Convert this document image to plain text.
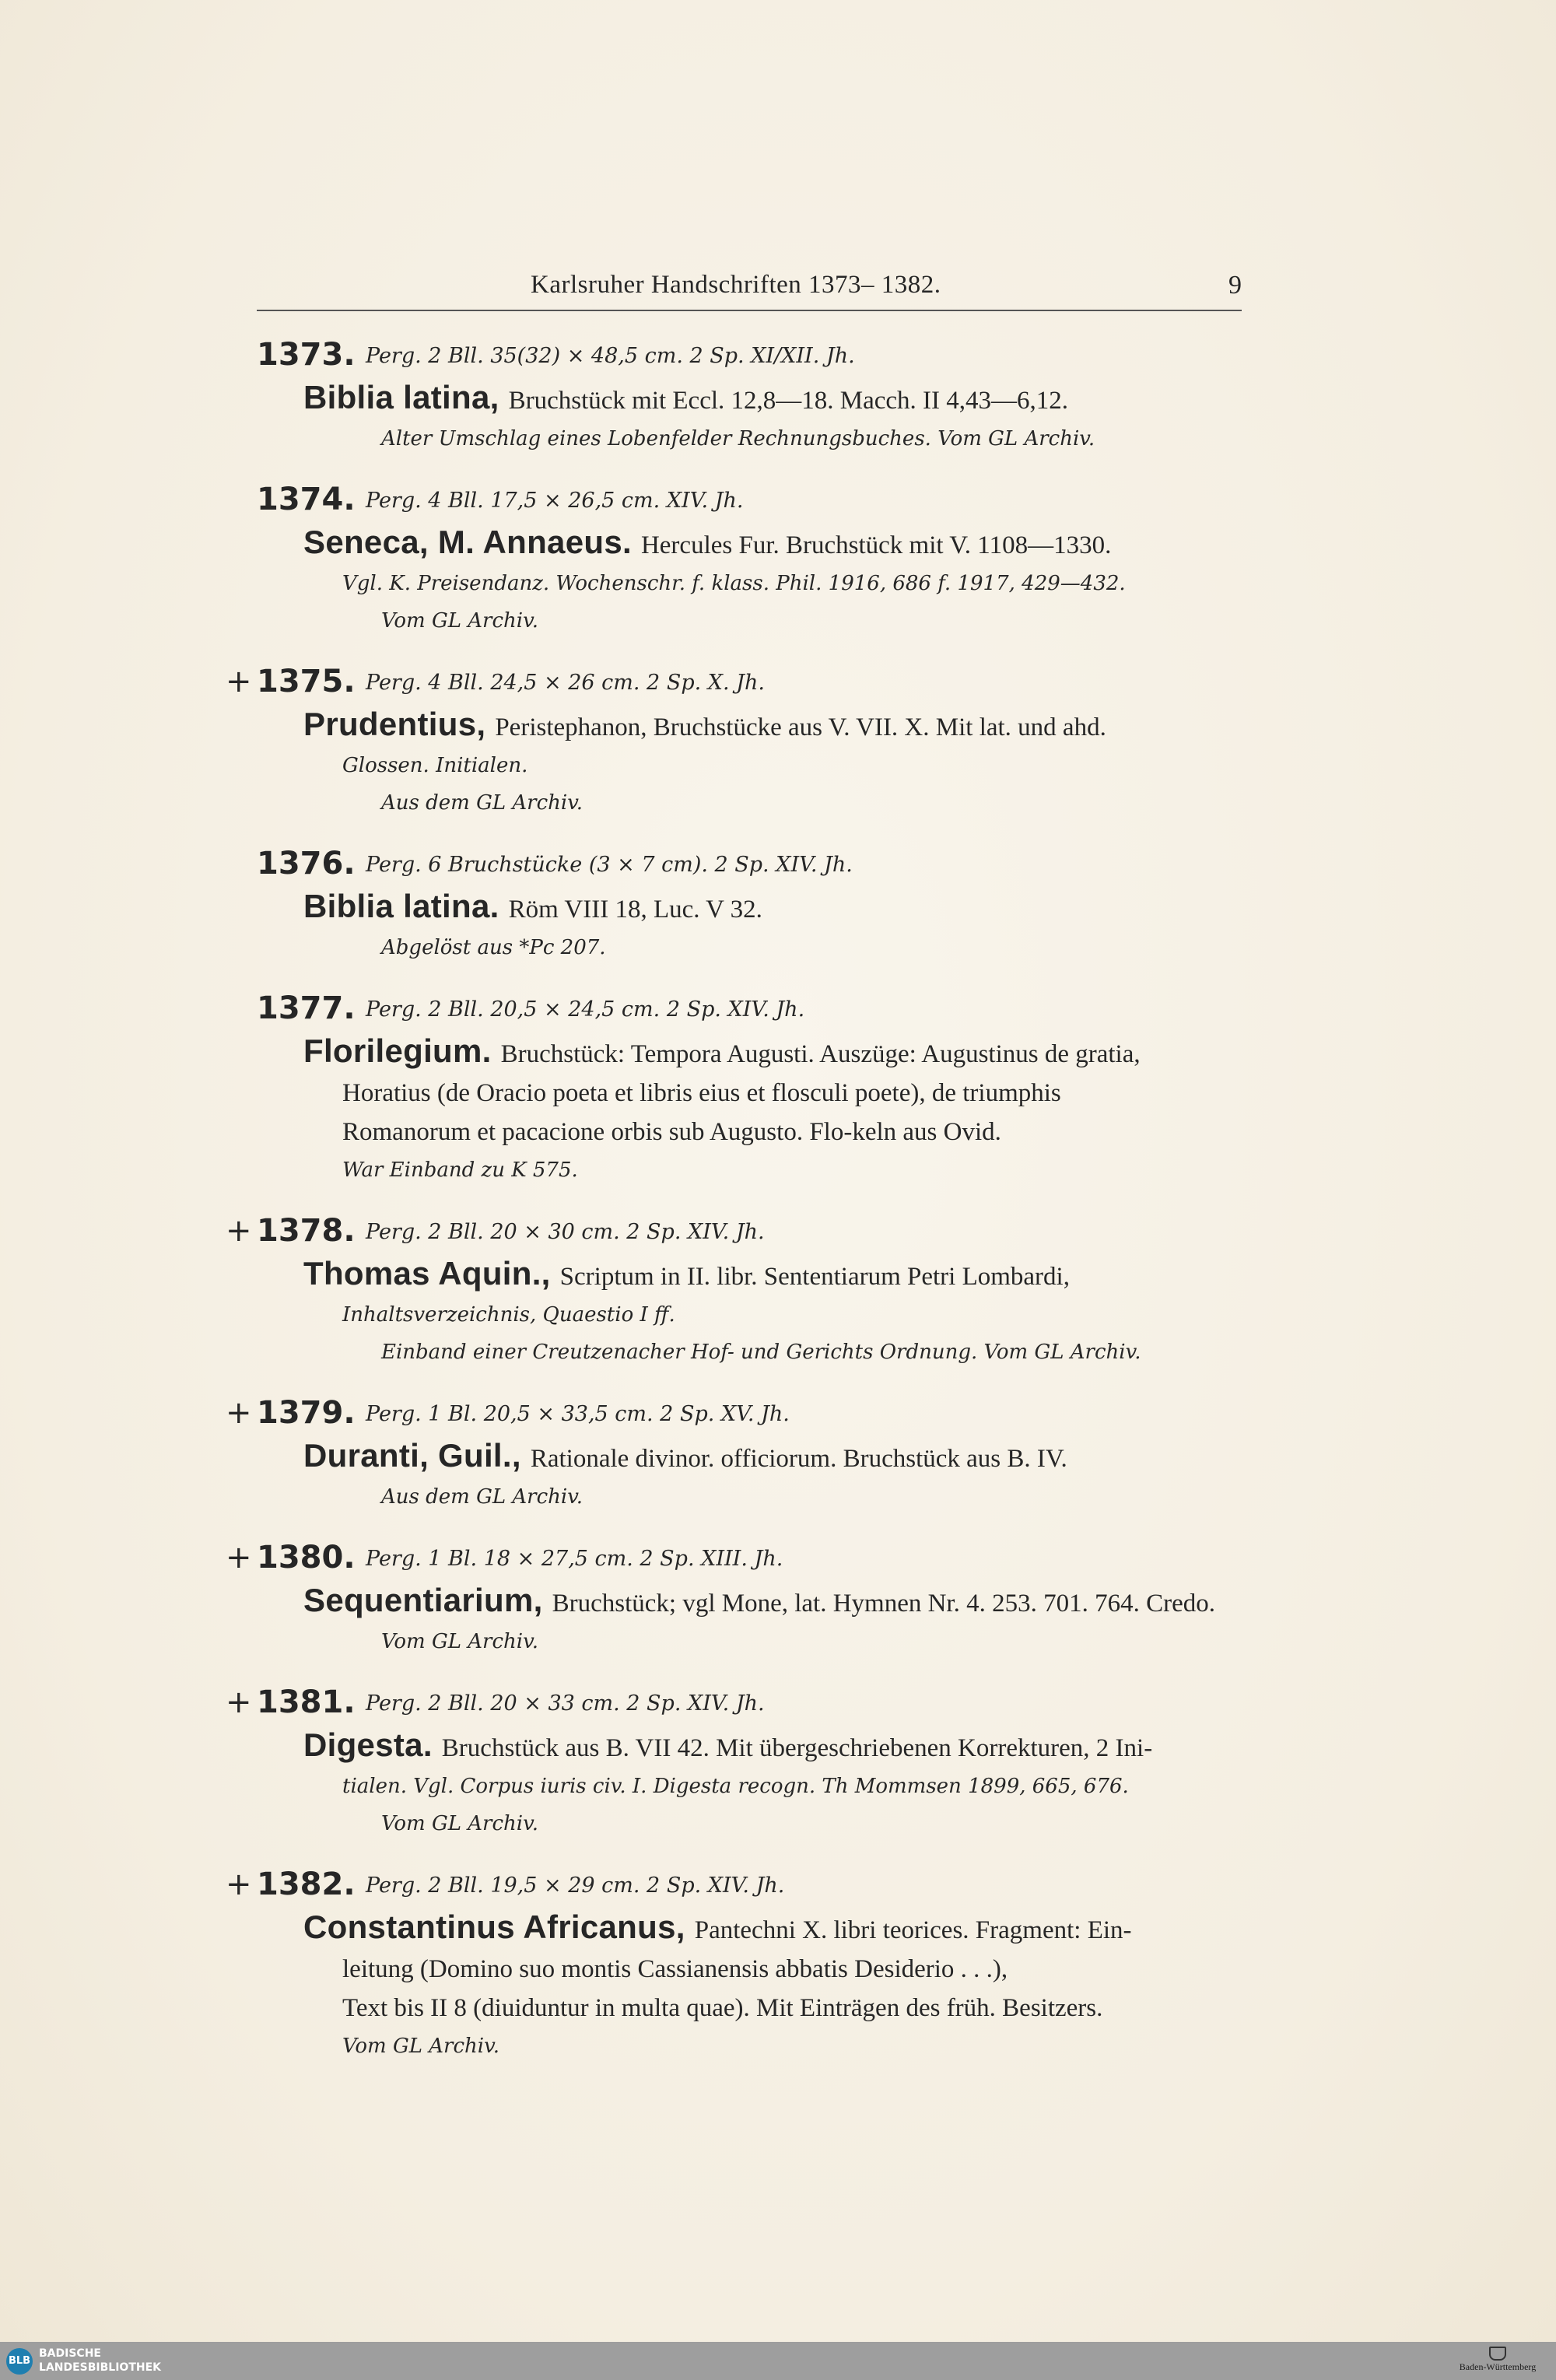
Karlsruher Handschriften 1373– 1382.	9
1373. Perg. 2 Bll. 35(32) × 48,5 cm. 2 Sp. XI/XII. Jh.
Biblia latina, Bruchstück mit Eccl. 12,8—18. Macch. II 4,43—6,12.
Alter Umschlag eines Lobenfelder Rechnungsbuches. Vom GL Archiv.
1374. Perg. 4 Bll. 17,5 × 26,5 cm. XIV. Jh.
Seneca, M. Annaeus. Hercules Fur. Bruchstück mit V. 1108—1330.
Vgl. K. Preisendanz. Wochenschr. f. klass. Phil. 1916, 686 f. 1917, 429—432.
Vom GL Archiv.
+ 1375. Perg. 4 Bll. 24,5 × 26 cm. 2 Sp. X. Jh.
Prudentius, Peristephanon, Bruchstücke aus V. VII. X. Mit lat. und ahd.
Glossen. Initialen.
Aus dem GL Archiv.
1376. Perg. 6 Bruchstücke (3 × 7 cm). 2 Sp. XIV. Jh.
Biblia latina. Röm VIII 18, Luc. V 32.
Abgelöst aus *Pc 207.
1377. Perg. 2 Bll. 20,5 × 24,5 cm. 2 Sp. XIV. Jh.
Florilegium. Bruchstück: Tempora Augusti. Auszüge: Augustinus de gratia,
Horatius (de Oracio poeta et libris eius et flosculi poete), de triumphis
Romanorum et pacacione orbis sub Augusto. Flo-keln aus Ovid.
War Einband zu K 575.
+ 1378. Perg. 2 Bll. 20 × 30 cm. 2 Sp. XIV. Jh.
Thomas Aquin., Scriptum in II. libr. Sententiarum Petri Lombardi,
Inhaltsverzeichnis, Quaestio I ff.
Einband einer Creutzenacher Hof- und Gerichts Ordnung. Vom GL Archiv.
+ 1379. Perg. 1 Bl. 20,5 × 33,5 cm. 2 Sp. XV. Jh.
Duranti, Guil., Rationale divinor. officiorum. Bruchstück aus B. IV.
Aus dem GL Archiv.
+ 1380. Perg. 1 Bl. 18 × 27,5 cm. 2 Sp. XIII. Jh.
Sequentiarium, Bruchstück; vgl Mone, lat. Hymnen Nr. 4. 253. 701. 764. Credo.
Vom GL Archiv.
+ 1381. Perg. 2 Bll. 20 × 33 cm. 2 Sp. XIV. Jh.
Digesta. Bruchstück aus B. VII 42. Mit übergeschriebenen Korrekturen, 2 Ini-
tialen. Vgl. Corpus iuris civ. I. Digesta recogn. Th Mommsen 1899, 665, 676.
Vom GL Archiv.
+ 1382. Perg. 2 Bll. 19,5 × 29 cm. 2 Sp. XIV. Jh.
Constantinus Africanus, Pantechni X. libri teorices. Fragment: Ein-
leitung (Domino suo montis Cassianensis abbatis Desiderio . . .),
Text bis II 8 (diuiduntur in multa quae). Mit Einträgen des früh. Besitzers.
Vom GL Archiv.
BLB
BADISCHE
LANDESBIBLIOTHEK	Baden-Württemberg
